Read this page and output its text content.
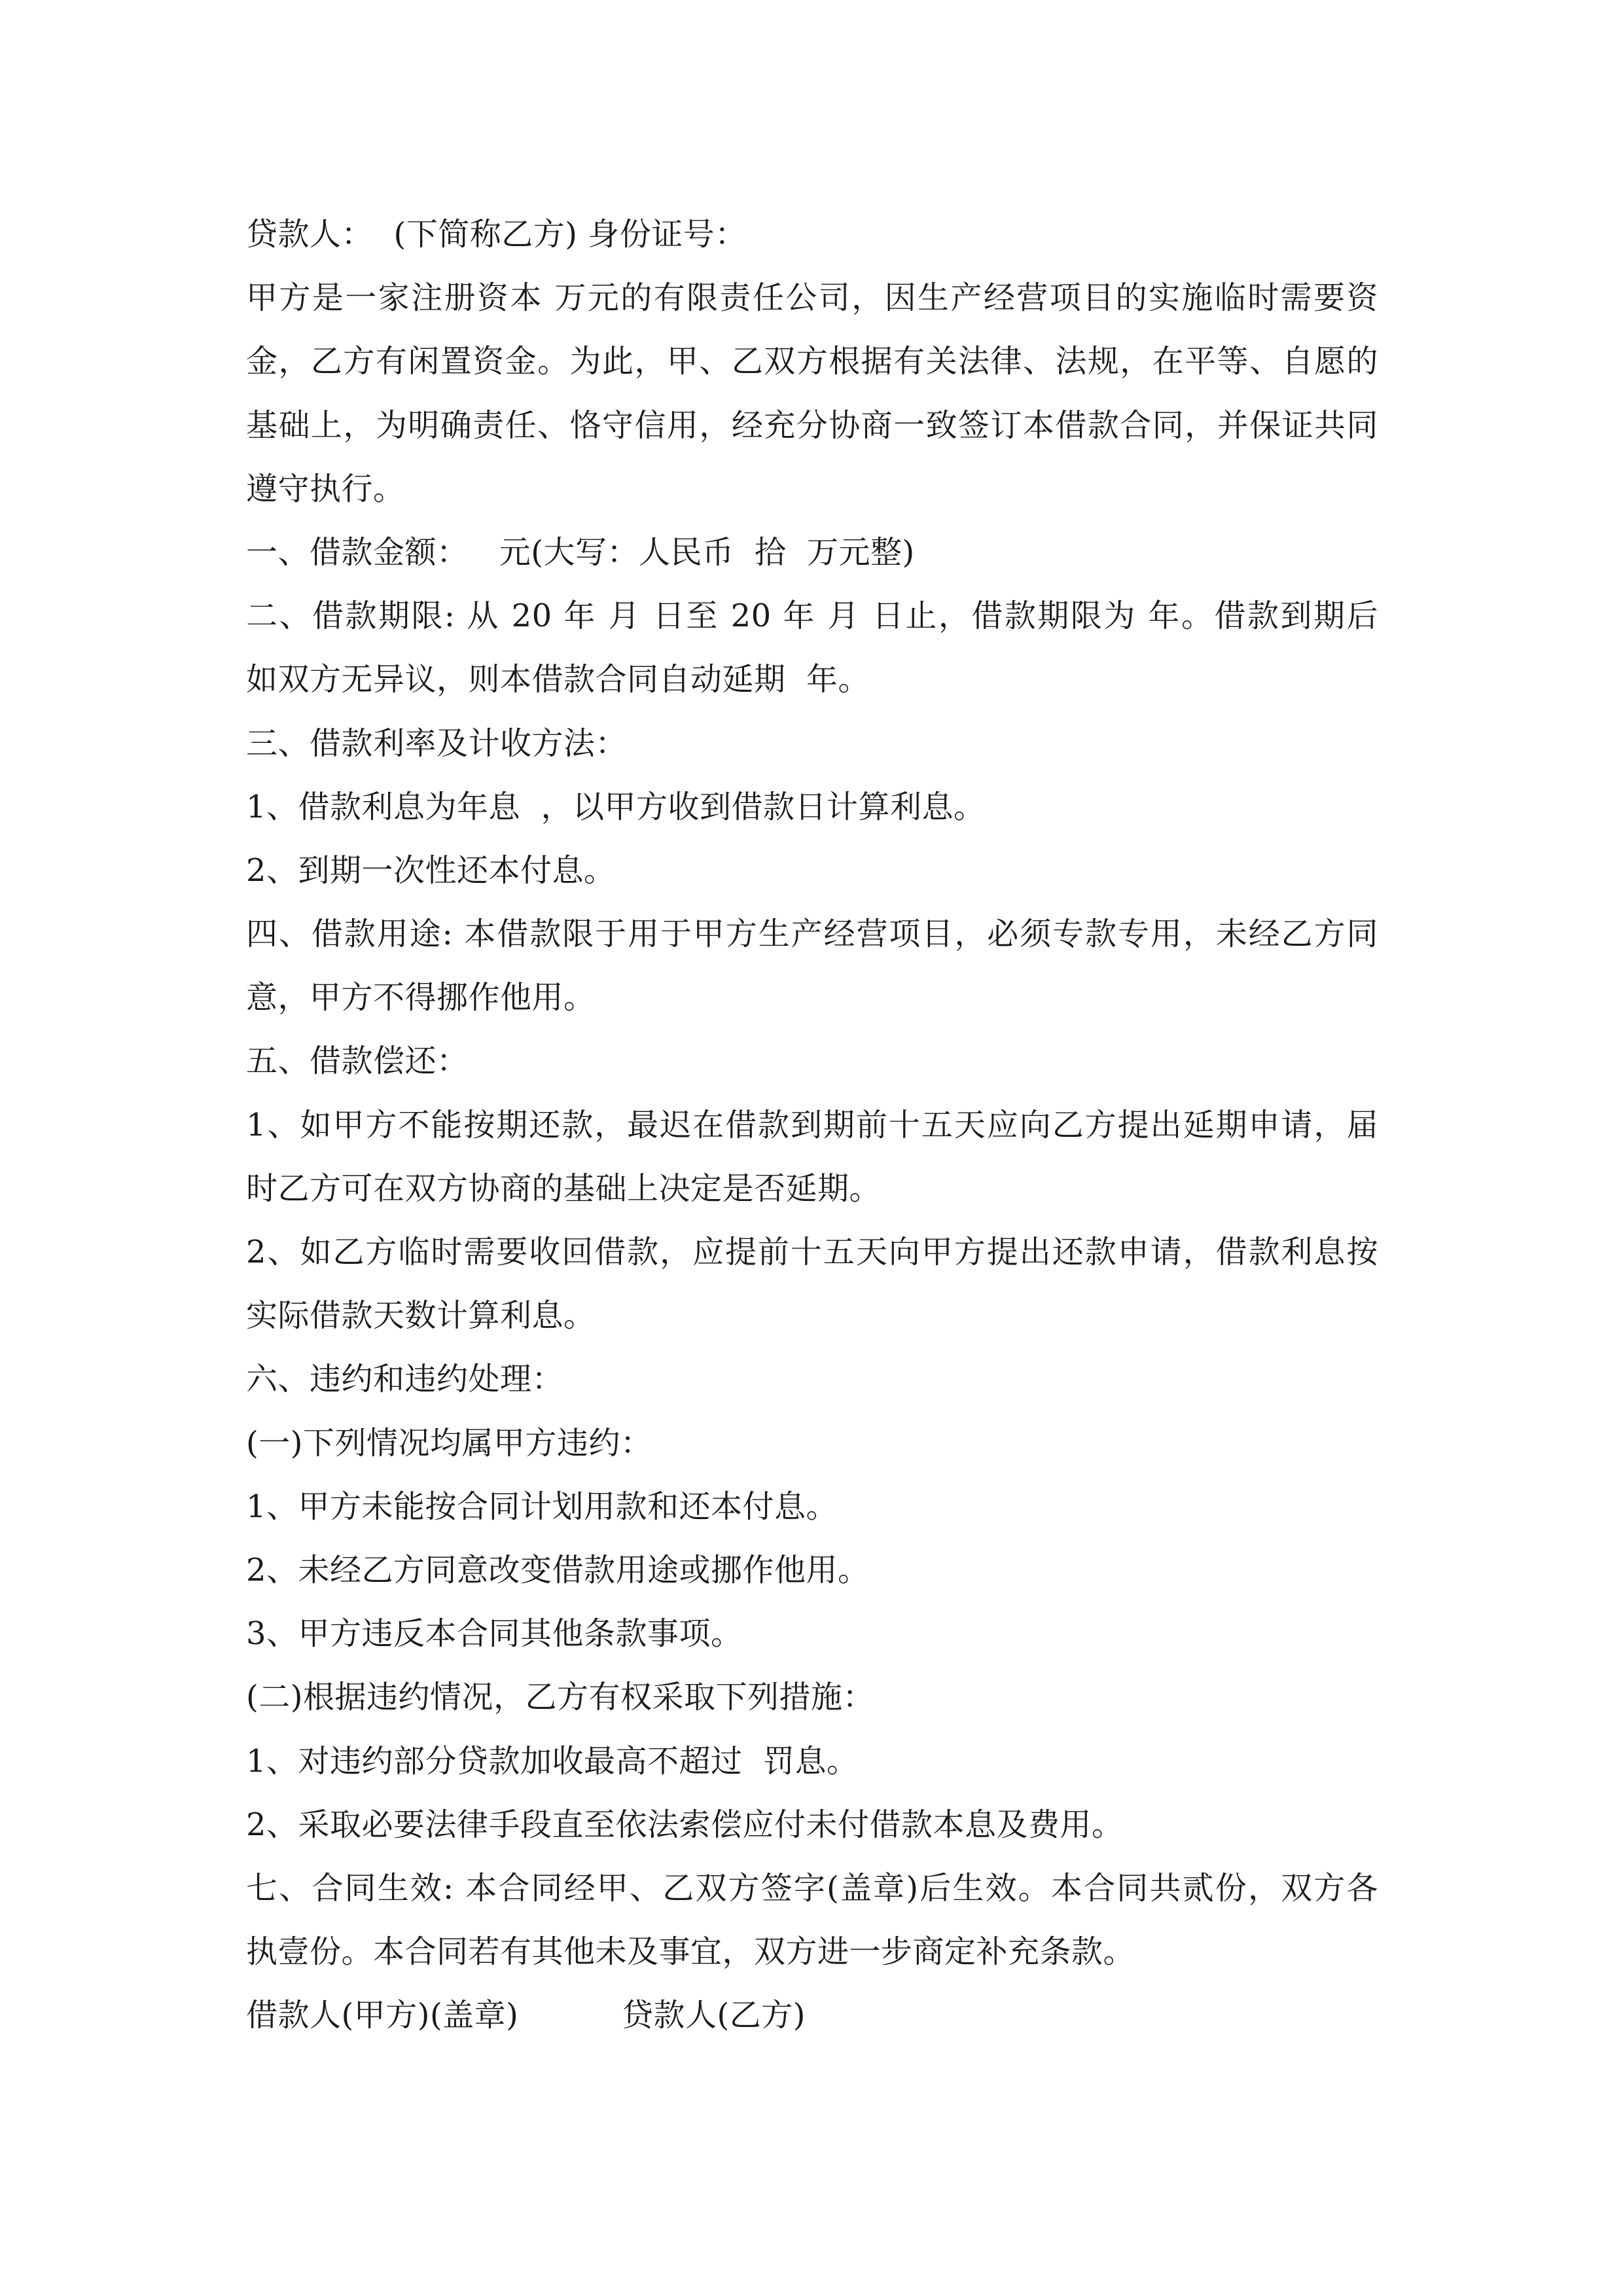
贷款人：  (下简称乙方) 身份证号：
甲方是一家注册资本 万元的有限责任公司，因生产经营项目的实施临时需要资
金，乙方有闲置资金。为此，甲、乙双方根据有关法律、法规，在平等、自愿的
基础上，为明确责任、恪守信用，经充分协商一致签订本借款合同，并保证共同
遵守执行。
一、借款金额：   元(大写：人民币  拾  万元整)
二、借款期限: 从 20 年 月 日至 20 年 月 日止，借款期限为 年。借款到期后
如双方无异议，则本借款合同自动延期  年。
三、借款利率及计收方法：
1、借款利息为年息  ，以甲方收到借款日计算利息。
2、到期一次性还本付息。
四、借款用途: 本借款限于用于甲方生产经营项目，必须专款专用，未经乙方同
意，甲方不得挪作他用。
五、借款偿还：
1、如甲方不能按期还款，最迟在借款到期前十五天应向乙方提出延期申请，届
时乙方可在双方协商的基础上决定是否延期。
2、如乙方临时需要收回借款，应提前十五天向甲方提出还款申请，借款利息按
实际借款天数计算利息。
六、违约和违约处理：
(一)下列情况均属甲方违约：
1、甲方未能按合同计划用款和还本付息。
2、未经乙方同意改变借款用途或挪作他用。
3、甲方违反本合同其他条款事项。
(二)根据违约情况，乙方有权采取下列措施：
1、对违约部分贷款加收最高不超过  罚息。
2、采取必要法律手段直至依法索偿应付未付借款本息及费用。
七、合同生效: 本合同经甲、乙双方签字(盖章)后生效。本合同共贰份，双方各
执壹份。本合同若有其他未及事宜，双方进一步商定补充条款。
借款人(甲方)(盖章)          贷款人(乙方)
